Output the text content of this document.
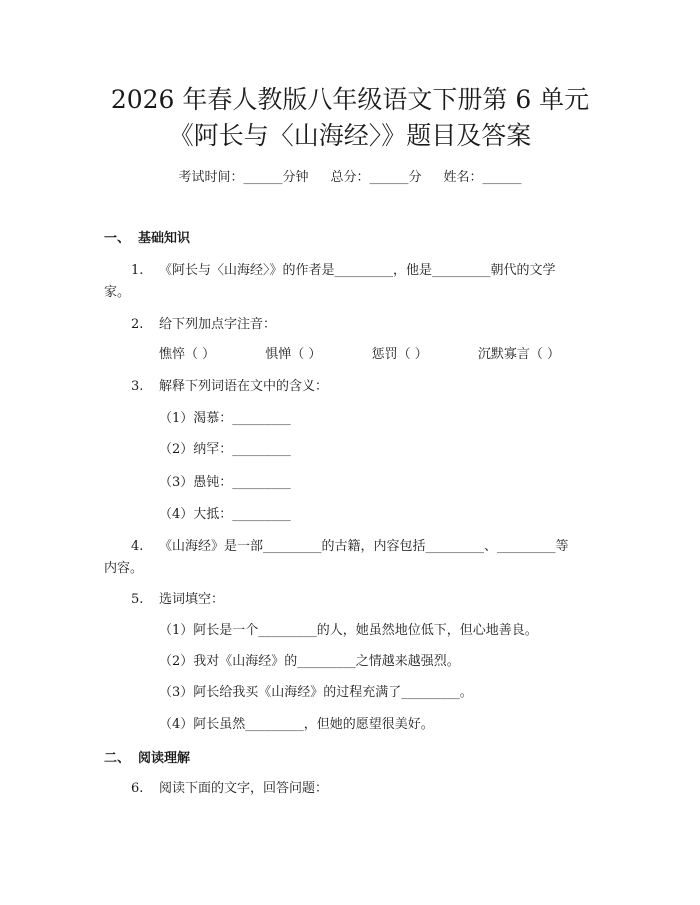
2026 年春人教版八年级语文下册第 6 单元
《阿长与〈山海经〉》题目及答案
考试时间：______分钟 总分：______分 姓名：______
一、 基础知识
1. 《阿长与〈山海经〉》的作者是_________，他是_________朝代的文学
家。
2. 给下列加点字注音：
憔悴（ ）	惧惮（ ）	惩罚（ ）	沉默寡言（ ）
3. 解释下列词语在文中的含义：
（1）渴慕：_________
（2）纳罕：_________
（3）愚钝：_________
（4）大抵：_________
4. 《山海经》是一部_________的古籍，内容包括_________、_________等
内容。
5. 选词填空：
（1）阿长是一个_________的人，她虽然地位低下，但心地善良。
（2）我对《山海经》的_________之情越来越强烈。
（3）阿长给我买《山海经》的过程充满了_________。
（4）阿长虽然_________，但她的愿望很美好。
二、 阅读理解
6. 阅读下面的文字，回答问题：
